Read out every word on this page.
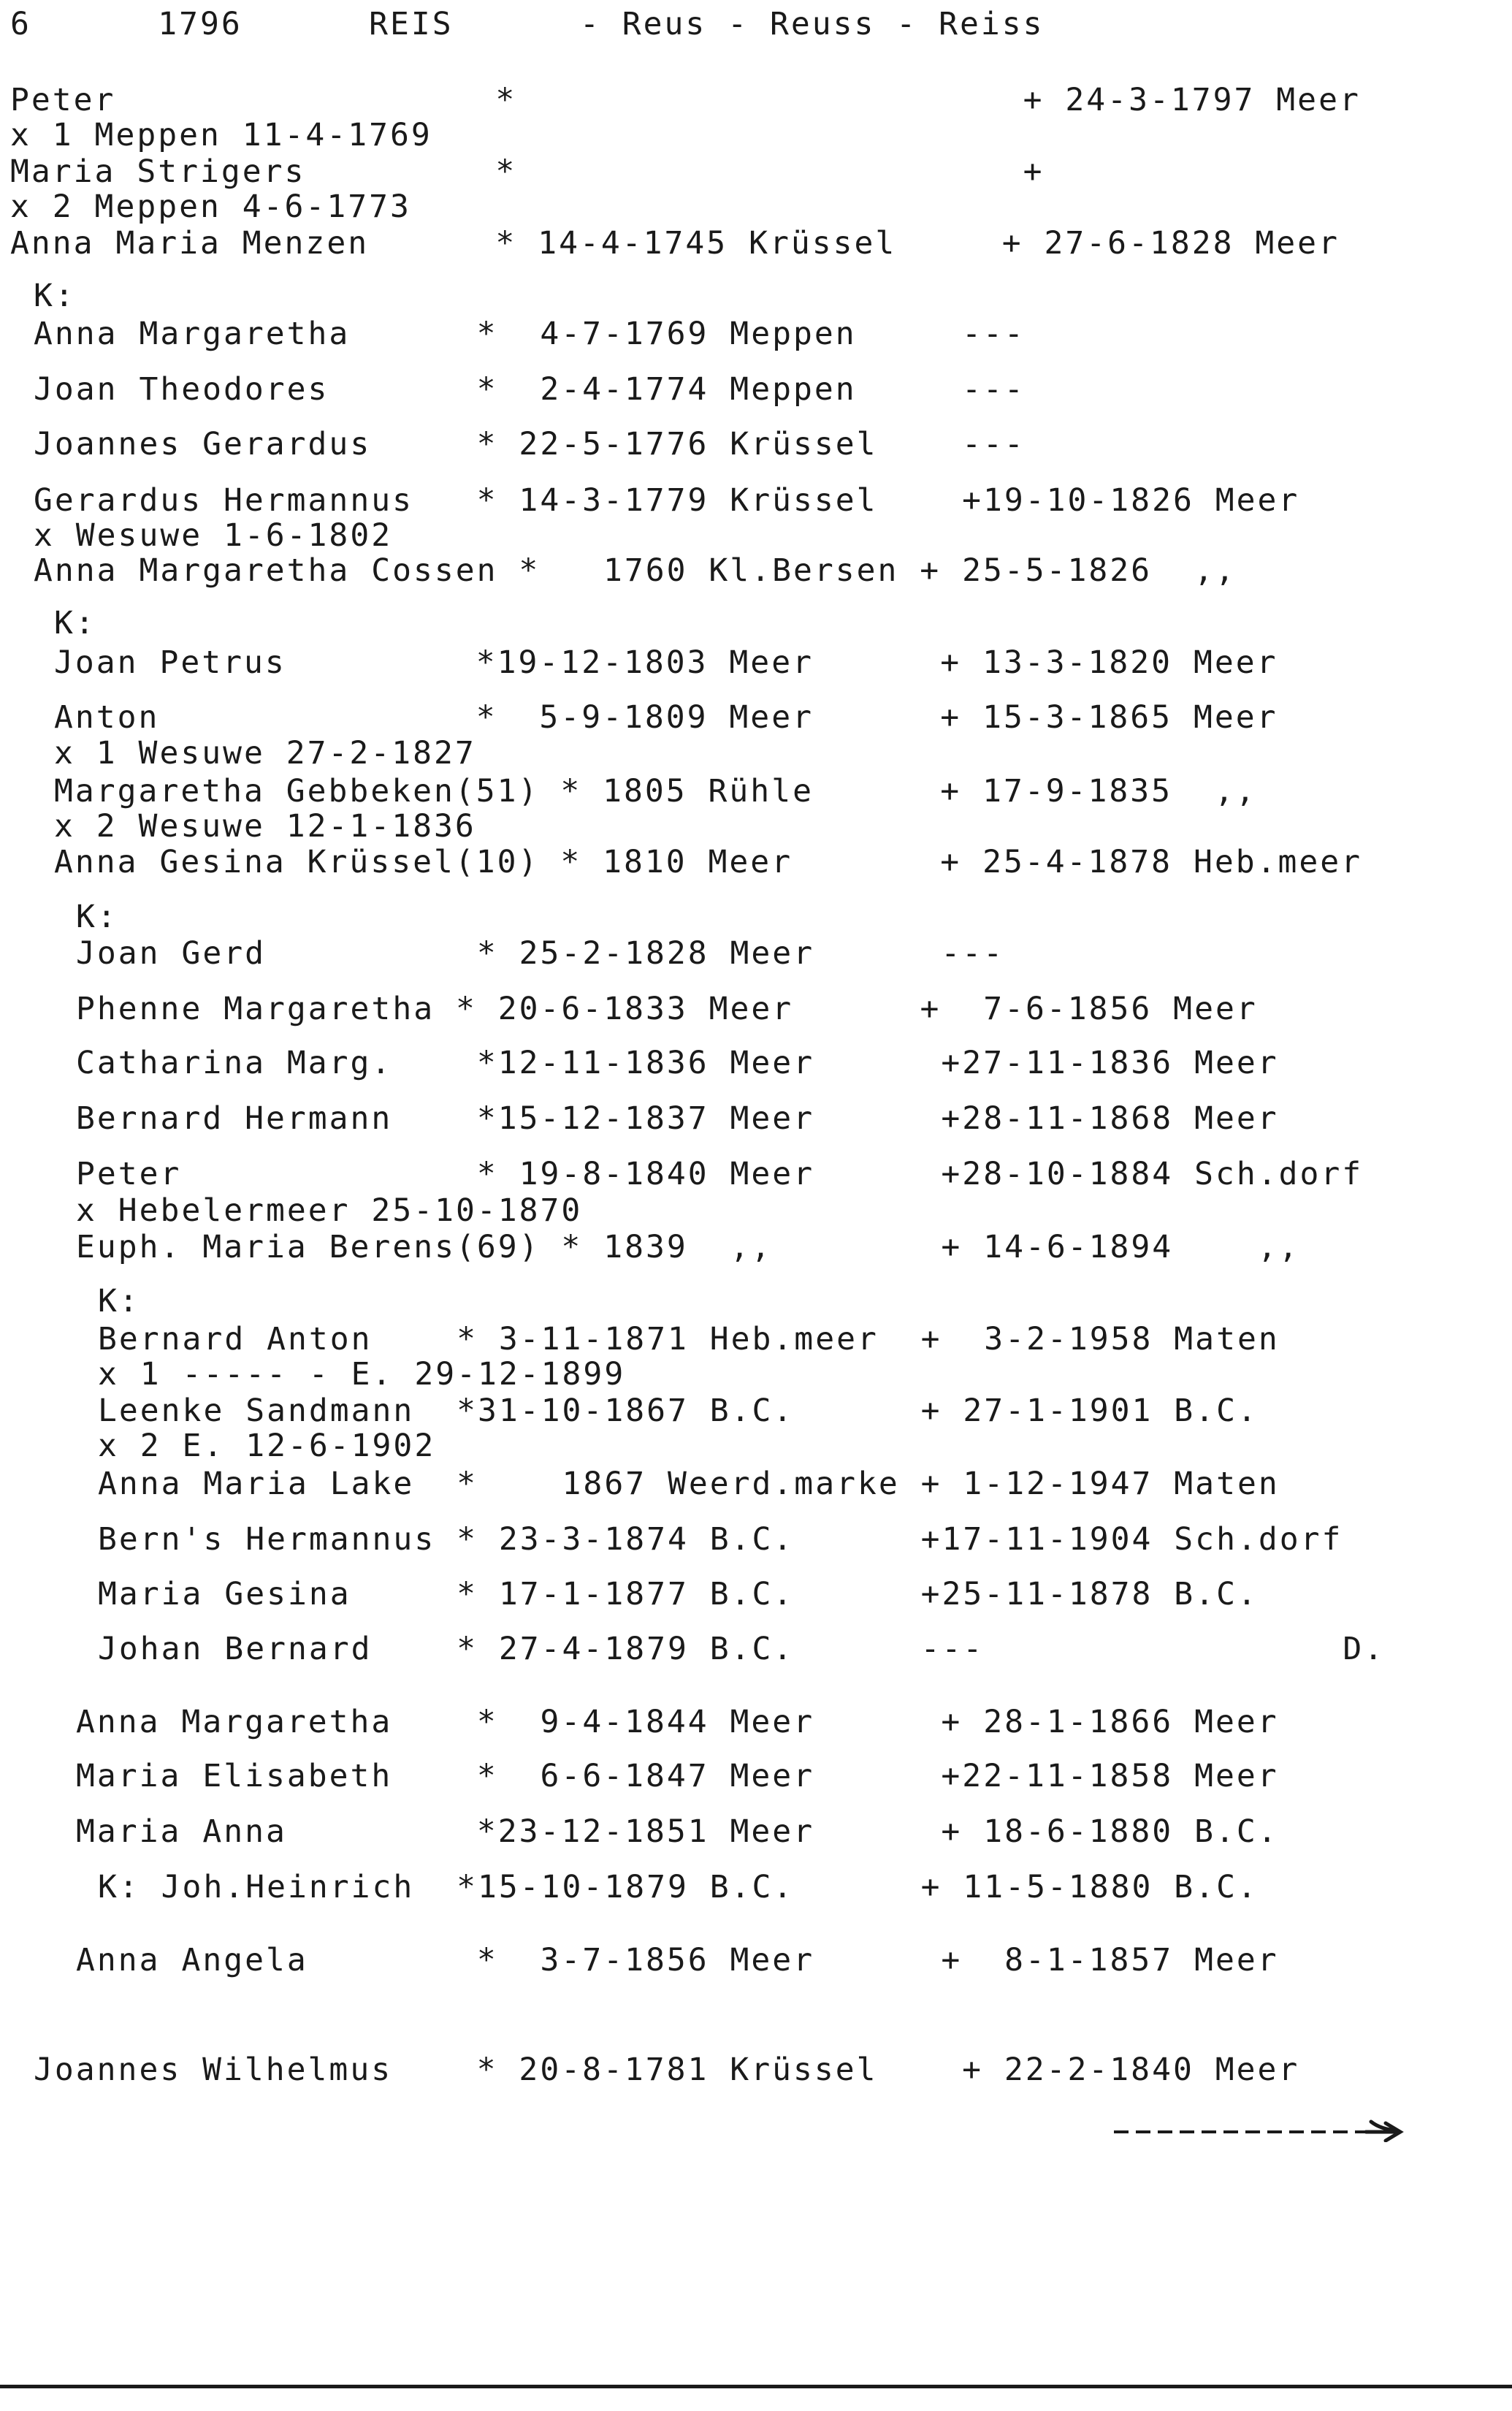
6      1796      REIS      - Reus - Reuss - Reiss
Peter                  *                        + 24-3-1797 Meer
x 1 Meppen 11-4-1769
Maria Strigers         *                        +
x 2 Meppen 4-6-1773
Anna Maria Menzen      * 14-4-1745 Krüssel     + 27-6-1828 Meer
K:
Anna Margaretha      *  4-7-1769 Meppen     ---
Joan Theodores       *  2-4-1774 Meppen     ---
Joannes Gerardus     * 22-5-1776 Krüssel    ---
Gerardus Hermannus   * 14-3-1779 Krüssel    +19-10-1826 Meer
x Wesuwe 1-6-1802
Anna Margaretha Cossen *   1760 Kl.Bersen + 25-5-1826  ,,
K:
Joan Petrus         *19-12-1803 Meer      + 13-3-1820 Meer
Anton               *  5-9-1809 Meer      + 15-3-1865 Meer
x 1 Wesuwe 27-2-1827
Margaretha Gebbeken(51) * 1805 Rühle      + 17-9-1835  ,,
x 2 Wesuwe 12-1-1836
Anna Gesina Krüssel(10) * 1810 Meer       + 25-4-1878 Heb.meer
K:
Joan Gerd          * 25-2-1828 Meer      ---
Phenne Margaretha * 20-6-1833 Meer      +  7-6-1856 Meer
Catharina Marg.    *12-11-1836 Meer      +27-11-1836 Meer
Bernard Hermann    *15-12-1837 Meer      +28-11-1868 Meer
Peter              * 19-8-1840 Meer      +28-10-1884 Sch.dorf
x Hebelermeer 25-10-1870
Euph. Maria Berens(69) * 1839  ,,        + 14-6-1894    ,,
K:
Bernard Anton    * 3-11-1871 Heb.meer  +  3-2-1958 Maten
x 1 ----- - E. 29-12-1899
Leenke Sandmann  *31-10-1867 B.C.      + 27-1-1901 B.C.
x 2 E. 12-6-1902
Anna Maria Lake  *    1867 Weerd.marke + 1-12-1947 Maten
Bern's Hermannus * 23-3-1874 B.C.      +17-11-1904 Sch.dorf
Maria Gesina     * 17-1-1877 B.C.      +25-11-1878 B.C.
Johan Bernard    * 27-4-1879 B.C.      ---                 D.
Anna Margaretha    *  9-4-1844 Meer      + 28-1-1866 Meer
Maria Elisabeth    *  6-6-1847 Meer      +22-11-1858 Meer
Maria Anna         *23-12-1851 Meer      + 18-6-1880 B.C.
K: Joh.Heinrich  *15-10-1879 B.C.      + 11-5-1880 B.C.
Anna Angela        *  3-7-1856 Meer      +  8-1-1857 Meer
Joannes Wilhelmus    * 20-8-1781 Krüssel    + 22-2-1840 Meer
